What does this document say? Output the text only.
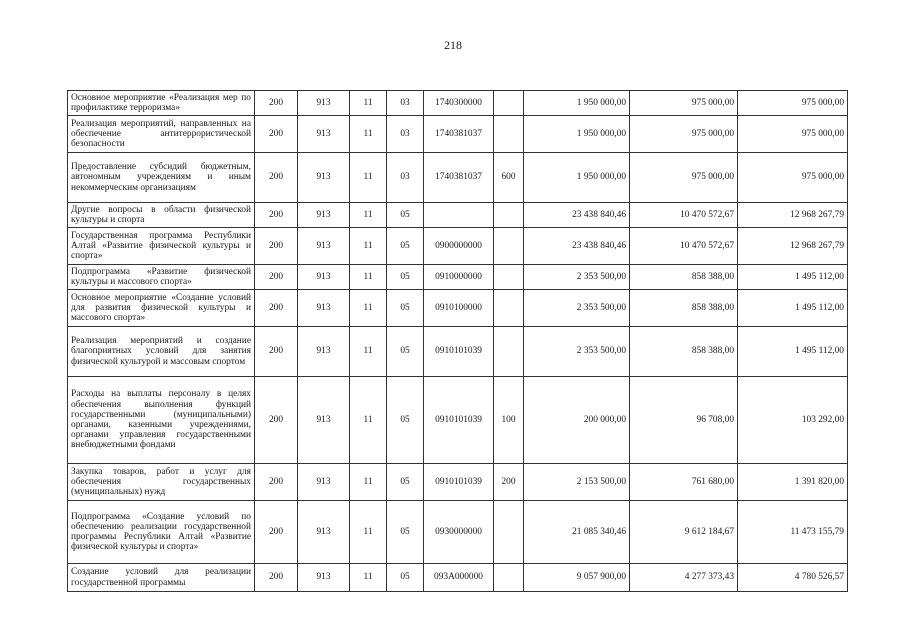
218
Основное мероприятие «Реализация мер по профилактике терроризма»	200	913	11	03	1740300000		1 950 000,00	975 000,00	975 000,00
Реализация мероприятий, направленных на обеспечение антитеррористической безопасности	200	913	11	03	1740381037		1 950 000,00	975 000,00	975 000,00
Предоставление субсидий бюджетным, автономным учреждениям и иным некоммерческим организациям	200	913	11	03	1740381037	600	1 950 000,00	975 000,00	975 000,00
Другие вопросы в области физической культуры и спорта	200	913	11	05			23 438 840,46	10 470 572,67	12 968 267,79
Государственная программа Республики Алтай «Развитие физической культуры и спорта»	200	913	11	05	0900000000		23 438 840,46	10 470 572,67	12 968 267,79
Подпрограмма «Развитие физической культуры и массового спорта»	200	913	11	05	0910000000		2 353 500,00	858 388,00	1 495 112,00
Основное мероприятие «Создание условий для развития физической культуры и массового спорта»	200	913	11	05	0910100000		2 353 500,00	858 388,00	1 495 112,00
Реализация мероприятий и создание благоприятных условий для занятия физической культурой и массовым спортом	200	913	11	05	0910101039		2 353 500,00	858 388,00	1 495 112,00
Расходы на выплаты персоналу в целях обеспечения выполнения функций государственными (муниципальными) органами, казенными учреждениями, органами управления государственными внебюджетными фондами	200	913	11	05	0910101039	100	200 000,00	96 708,00	103 292,00
Закупка товаров, работ и услуг для обеспечения государственных (муниципальных) нужд	200	913	11	05	0910101039	200	2 153 500,00	761 680,00	1 391 820,00
Подпрограмма «Создание условий по обеспечению реализации государственной программы Республики Алтай «Развитие физической культуры и спорта»	200	913	11	05	0930000000		21 085 340,46	9 612 184,67	11 473 155,79
Создание условий для реализации государственной программы	200	913	11	05	093А000000		9 057 900,00	4 277 373,43	4 780 526,57
